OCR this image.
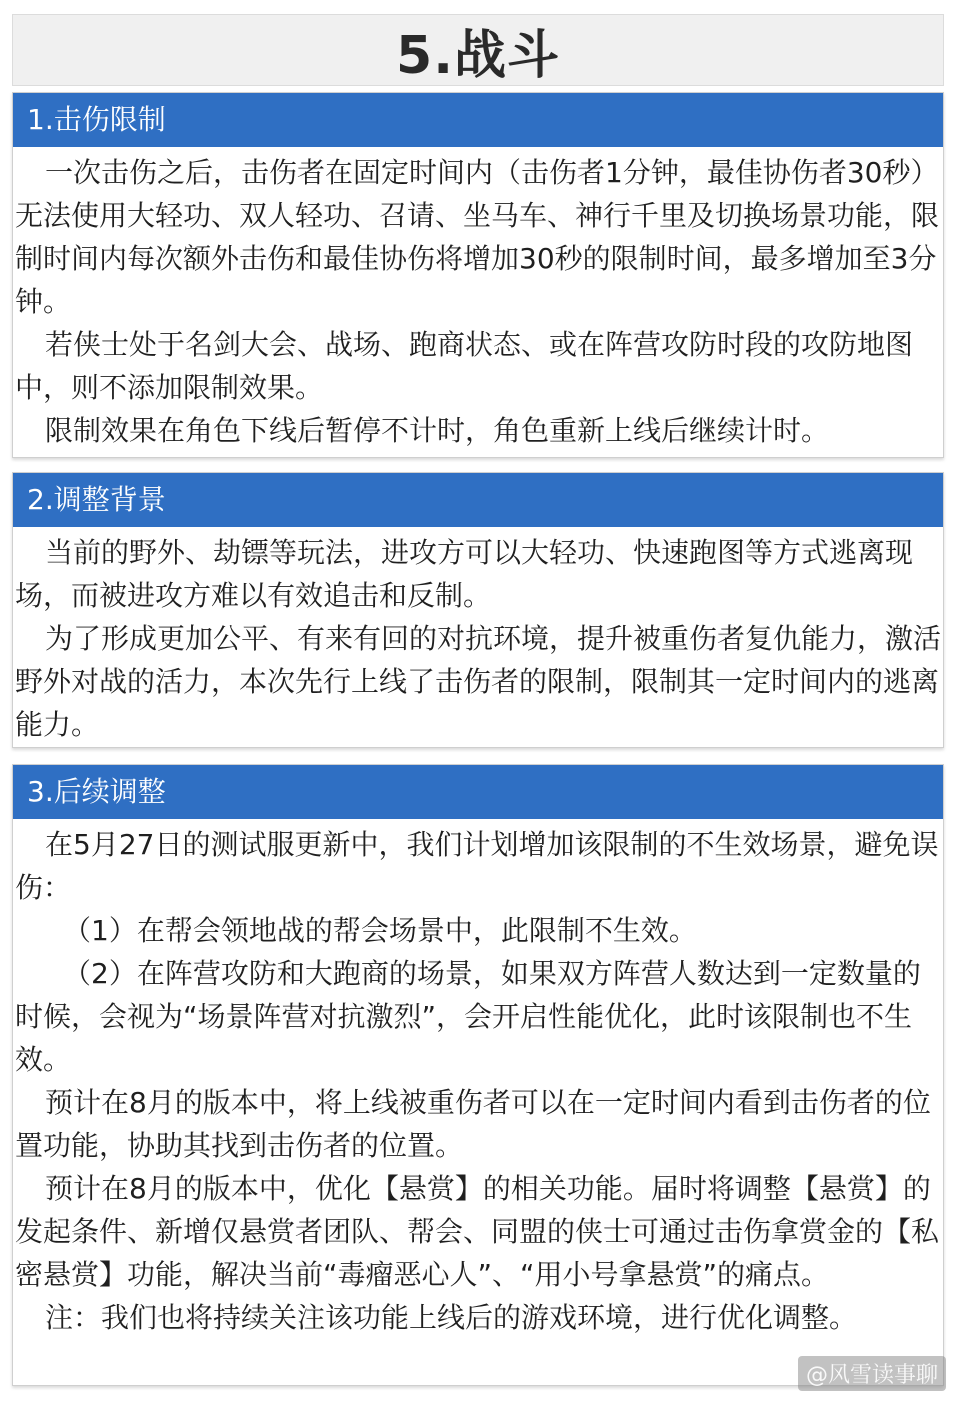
5.战斗
1.击伤限制

一次击伤之后，击伤者在固定时间内（击伤者1分钟，最佳协伤者30秒）无法使用大轻功、双人轻功、召请、坐马车、神行千里及切换场景功能，限制时间内每次额外击伤和最佳协伤将增加30秒的限制时间，最多增加至3分钟。

若侠士处于名剑大会、战场、跑商状态、或在阵营攻防时段的攻防地图中，则不添加限制效果。

限制效果在角色下线后暂停不计时，角色重新上线后继续计时。

2.调整背景

当前的野外、劫镖等玩法，进攻方可以大轻功、快速跑图等方式逃离现场，而被进攻方难以有效追击和反制。

为了形成更加公平、有来有回的对抗环境，提升被重伤者复仇能力，激活野外对战的活力，本次先行上线了击伤者的限制，限制其一定时间内的逃离能力。

3.后续调整

在5月27日的测试服更新中，我们计划增加该限制的不生效场景，避免误伤：

（1）在帮会领地战的帮会场景中，此限制不生效。

（2）在阵营攻防和大跑商的场景，如果双方阵营人数达到一定数量的时候，会视为“场景阵营对抗激烈”，会开启性能优化，此时该限制也不生效。

预计在8月的版本中，将上线被重伤者可以在一定时间内看到击伤者的位置功能，协助其找到击伤者的位置。

预计在8月的版本中，优化【悬赏】的相关功能。届时将调整【悬赏】的发起条件、新增仅悬赏者团队、帮会、同盟的侠士可通过击伤拿赏金的【私密悬赏】功能，解决当前“毒瘤恶心人”、“用小号拿悬赏”的痛点。

注：我们也将持续关注该功能上线后的游戏环境，进行优化调整。

@风雪读事聊
